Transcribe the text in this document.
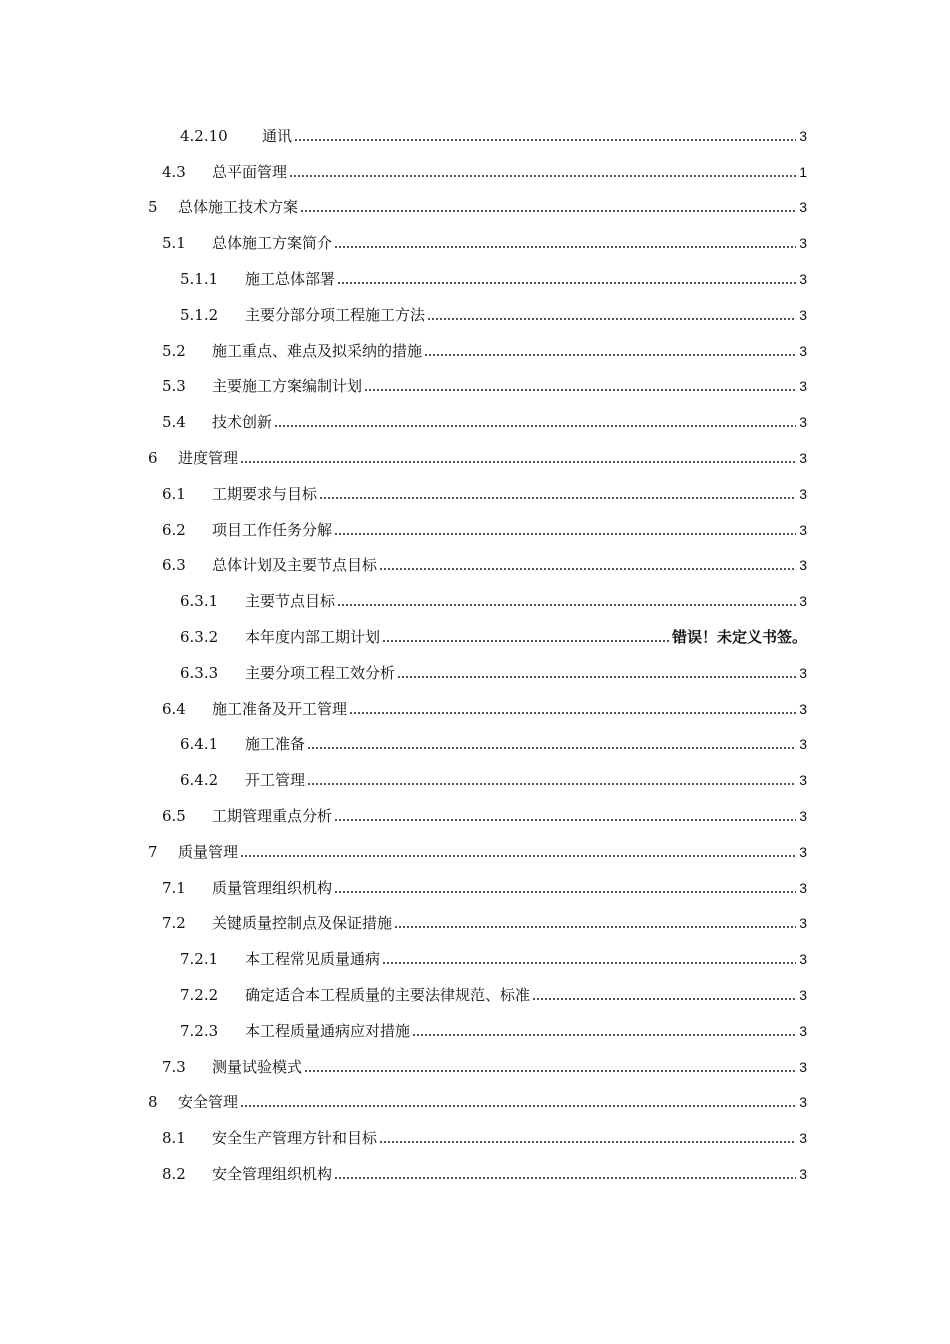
4.2.10	通讯	3
4.3	总平面管理	1
5	总体施工技术方案	3
5.1	总体施工方案简介	3
5.1.1	施工总体部署	3
5.1.2	主要分部分项工程施工方法	3
5.2	施工重点、难点及拟采纳的措施	3
5.3	主要施工方案编制计划	3
5.4	技术创新	3
6	进度管理	3
6.1	工期要求与目标	3
6.2	项目工作任务分解	3
6.3	总体计划及主要节点目标	3
6.3.1	主要节点目标	3
6.3.2	本年度内部工期计划	错误！未定义书签。
6.3.3	主要分项工程工效分析	3
6.4	施工准备及开工管理	3
6.4.1	施工准备	3
6.4.2	开工管理	3
6.5	工期管理重点分析	3
7	质量管理	3
7.1	质量管理组织机构	3
7.2	关键质量控制点及保证措施	3
7.2.1	本工程常见质量通病	3
7.2.2	确定适合本工程质量的主要法律规范、标准	3
7.2.3	本工程质量通病应对措施	3
7.3	测量试验模式	3
8	安全管理	3
8.1	安全生产管理方针和目标	3
8.2	安全管理组织机构	3
